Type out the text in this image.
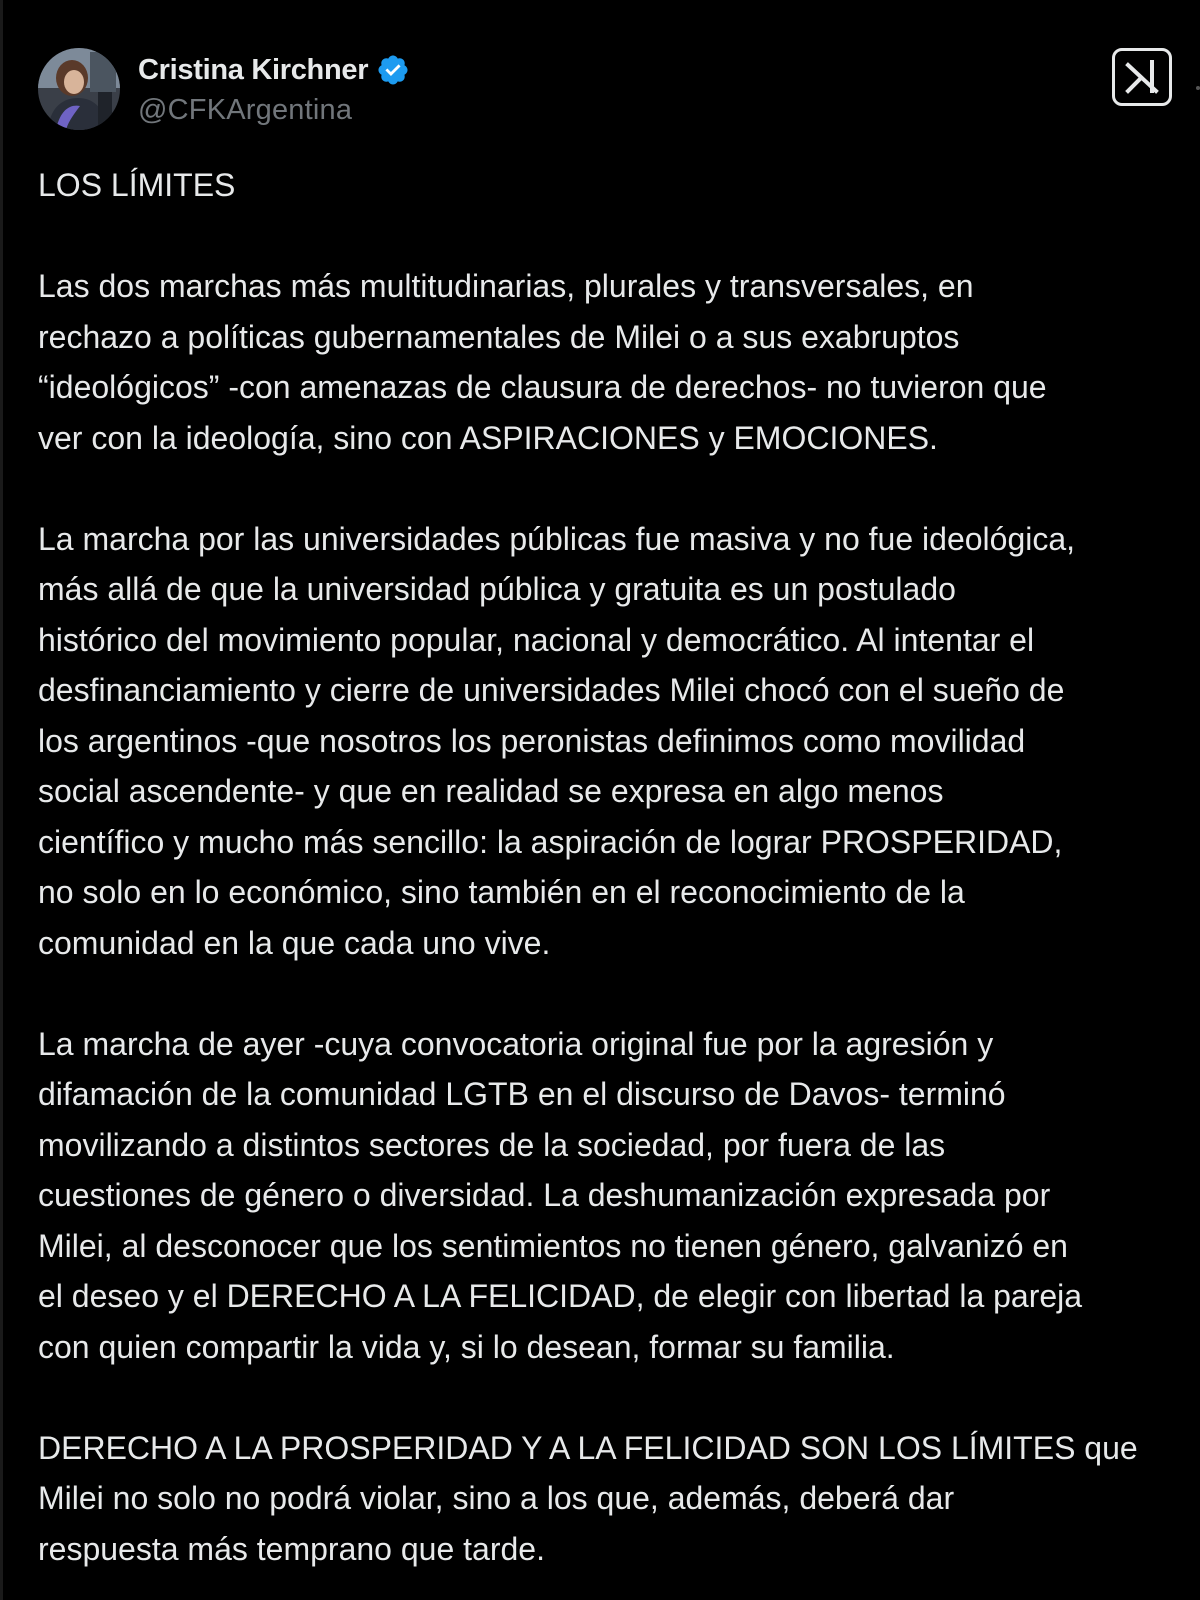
Cristina Kirchner
@CFKArgentina

LOS LÍMITES

Las dos marchas más multitudinarias, plurales y transversales, en
rechazo a políticas gubernamentales de Milei o a sus exabruptos
“ideológicos” -con amenazas de clausura de derechos- no tuvieron que
ver con la ideología, sino con ASPIRACIONES y EMOCIONES.

La marcha por las universidades públicas fue masiva y no fue ideológica,
más allá de que la universidad pública y gratuita es un postulado
histórico del movimiento popular, nacional y democrático. Al intentar el
desfinanciamiento y cierre de universidades Milei chocó con el sueño de
los argentinos -que nosotros los peronistas definimos como movilidad
social ascendente- y que en realidad se expresa en algo menos
científico y mucho más sencillo: la aspiración de lograr PROSPERIDAD,
no solo en lo económico, sino también en el reconocimiento de la
comunidad en la que cada uno vive.

La marcha de ayer -cuya convocatoria original fue por la agresión y
difamación de la comunidad LGTB en el discurso de Davos- terminó
movilizando a distintos sectores de la sociedad, por fuera de las
cuestiones de género o diversidad. La deshumanización expresada por
Milei, al desconocer que los sentimientos no tienen género, galvanizó en
el deseo y el DERECHO A LA FELICIDAD, de elegir con libertad la pareja
con quien compartir la vida y, si lo desean, formar su familia.

DERECHO A LA PROSPERIDAD Y A LA FELICIDAD SON LOS LÍMITES que
Milei no solo no podrá violar, sino a los que, además, deberá dar
respuesta más temprano que tarde.
